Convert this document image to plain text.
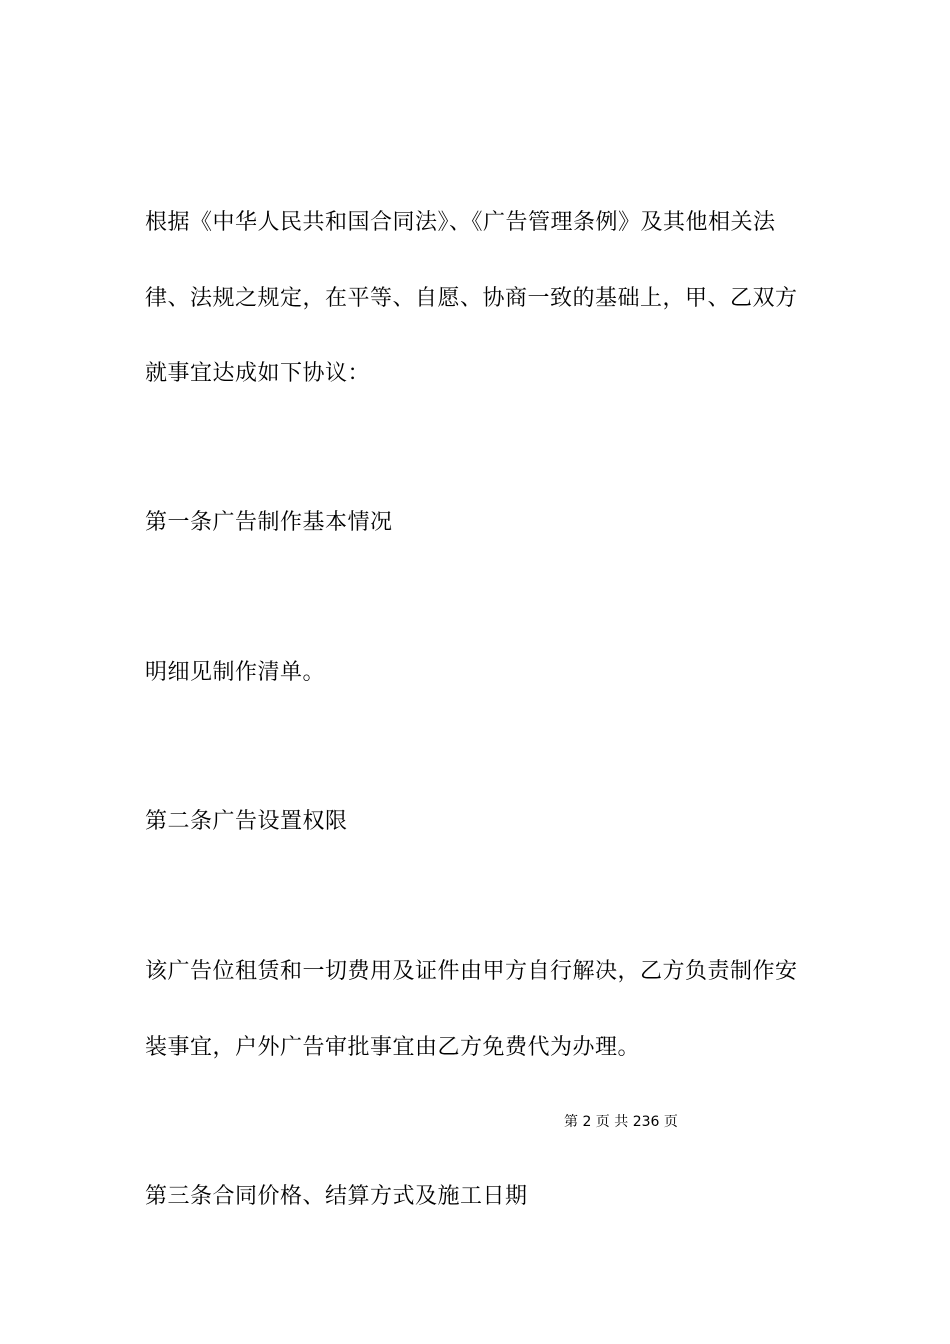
根据《中华人民共和国合同法》、《广告管理条例》及其他相关法
律、法规之规定，在平等、自愿、协商一致的基础上，甲、乙双方
就事宜达成如下协议：
第一条广告制作基本情况
明细见制作清单。
第二条广告设置权限
该广告位租赁和一切费用及证件由甲方自行解决，乙方负责制作安
装事宜，户外广告审批事宜由乙方免费代为办理。
第 2 页 共 236 页
第三条合同价格、结算方式及施工日期
